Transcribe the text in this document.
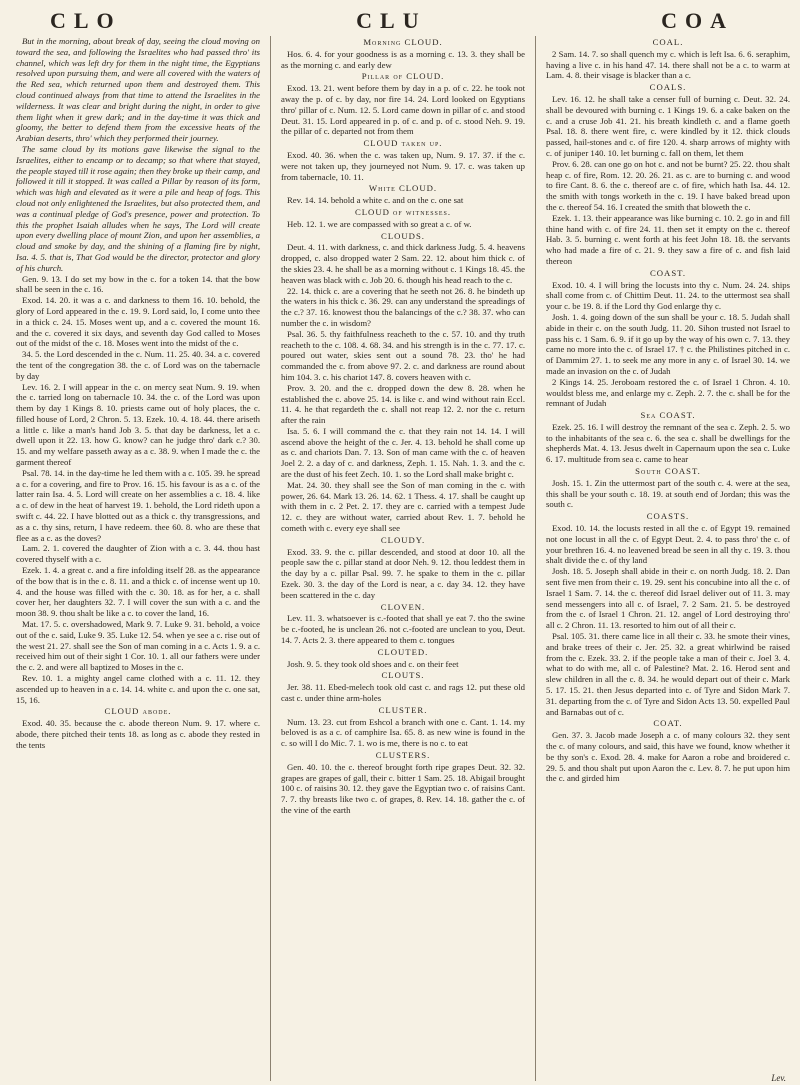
CLO	CLU	COA

But in the morning, about break of day, seeing the cloud moving on toward the sea, and following the Israelites who had passed thro' its channel, which was left dry for them in the night time, the Egyptians resolved upon pursuing them, and were all covered with the waters of the Red sea, which returned upon them and destroyed them. This cloud continued always from that time to attend the Israelites in the wilderness. It was clear and bright during the night, in order to give them light when it grew dark; and in the day-time it was thick and gloomy, the better to defend them from the excessive heats of the Arabian deserts, thro' which they performed their journey.

The same cloud by its motions gave likewise the signal to the Israelites, either to encamp or to decamp; so that where that stayed, the people stayed till it rose again; then they broke up their camp, and followed it till it stopped. It was called a Pillar by reason of its form, which was high and elevated as it were a pile and heap of fogs. This cloud not only enlightened the Israelites, but also protected them, and was a continual pledge of God's presence, power and protection. To this the prophet Isaiah alludes when he says, The Lord will create upon every dwelling place of mount Zion, and upon her assemblies, a cloud and smoke by day, and the shining of a flaming fire by night, Isa. 4. 5. that is, That God would be the director, protector and glory of his church.

Gen. 9. 13. I do set my bow in the c. for a token 14. that the bow shall be seen in the c. 16.

Exod. 14. 20. it was a c. and darkness to them 16. 10. behold, the glory of Lord appeared in the c. 19. 9. Lord said, lo, I come unto thee in a thick c. 24. 15. Moses went up, and a c. covered the mount 16. and the c. covered it six days, and seventh day God called to Moses out of the midst of the c. 18. Moses went into the midst of the c.

34. 5. the Lord descended in the c. Num. 11. 25. 40. 34. a c. covered the tent of the congregation 38. the c. of Lord was on the tabernacle by day

Lev. 16. 2. I will appear in the c. on mercy seat Num. 9. 19. when the c. tarried long on tabernacle 10. 34. the c. of the Lord was upon them by day 1 Kings 8. 10. priests came out of holy places, the c. filled house of Lord, 2 Chron. 5. 13. Ezek. 10. 4. 18. 44. there ariseth a little c. like a man's hand Job 3. 5. that day be darkness, let a c. dwell upon it 22. 13. how G. know? can he judge thro' dark c.? 30. 15. and my welfare passeth away as a c. 38. 9. when I made the c. the garment thereof

Psal. 78. 14. in the day-time he led them with a c. 105. 39. he spread a c. for a covering, and fire to Prov. 16. 15. his favour is as a c. of the latter rain Isa. 4. 5. Lord will create on her assemblies a c. 18. 4. like a c. of dew in the heat of harvest 19. 1. behold, the Lord rideth upon a swift c. 44. 22. I have blotted out as a thick c. thy transgressions, and as a c. thy sins, return, I have redeem. thee 60. 8. who are these that flee as a c. as the doves?

Lam. 2. 1. covered the daughter of Zion with a c. 3. 44. thou hast covered thyself with a c.

Ezek. 1. 4. a great c. and a fire infolding itself 28. as the appearance of the bow that is in the c. 8. 11. and a thick c. of incense went up 10. 4. and the house was filled with the c. 30. 18. as for her, a c. shall cover her, her daughters 32. 7. I will cover the sun with a c. and the moon 38. 9. thou shalt be like a c. to cover the land, 16.

Mat. 17. 5. c. overshadowed, Mark 9. 7. Luke 9. 31. behold, a voice out of the c. said, Luke 9. 35. Luke 12. 54. when ye see a c. rise out of the west 21. 27. shall see the Son of man coming in a c. Acts 1. 9. a c. received him out of their sight 1 Cor. 10. 1. all our fathers were under the c. 2. and were all baptized to Moses in the c.

Rev. 10. 1. a mighty angel came clothed with a c. 11. 12. they ascended up to heaven in a c. 14. 14. white c. and upon the c. one sat, 15, 16.

CLOUD abode.

Exod. 40. 35. because the c. abode thereon Num. 9. 17. where c. abode, there pitched their tents 18. as long as c. abode they rested in the tents

Morning CLOUD.

Hos. 6. 4. for your goodness is as a morning c. 13. 3. they shall be as the morning c. and early dew

Pillar of CLOUD.

Exod. 13. 21. went before them by day in a p. of c. 22. he took not away the p. of c. by day, nor fire 14. 24. Lord looked on Egyptians thro' pillar of c. Num. 12. 5. Lord came down in pillar of c. and stood Deut. 31. 15. Lord appeared in p. of c. and p. of c. stood Neh. 9. 19. the pillar of c. departed not from them

CLOUD taken up.

Exod. 40. 36. when the c. was taken up, Num. 9. 17. 37. if the c. were not taken up, they journeyed not Num. 9. 17. c. was taken up from tabernacle, 10. 11.

White CLOUD.

Rev. 14. 14. behold a white c. and on the c. one sat

CLOUD of witnesses.

Heb. 12. 1. we are compassed with so great a c. of w.

CLOUDS.

Deut. 4. 11. with darkness, c. and thick darkness Judg. 5. 4. heavens dropped, c. also dropped water 2 Sam. 22. 12. about him thick c. of the skies 23. 4. he shall be as a morning without c. 1 Kings 18. 45. the heaven was black with c. Job 20. 6. though his head reach to the c.

22. 14. thick c. are a covering that he seeth not 26. 8. he bindeth up the waters in his thick c. 36. 29. can any understand the spreadings of the c.? 37. 16. knowest thou the balancings of the c.? 38. 37. who can number the c. in wisdom?

Psal. 36. 5. thy faithfulness reacheth to the c. 57. 10. and thy truth reacheth to the c. 108. 4. 68. 34. and his strength is in the c. 77. 17. c. poured out water, skies sent out a sound 78. 23. tho' he had commanded the c. from above 97. 2. c. and darkness are round about him 104. 3. c. his chariot 147. 8. covers heaven with c.

Prov. 3. 20. and the c. dropped down the dew 8. 28. when he established the c. above 25. 14. is like c. and wind without rain Eccl. 11. 4. he that regardeth the c. shall not reap 12. 2. nor the c. return after the rain

Isa. 5. 6. I will command the c. that they rain not 14. 14. I will ascend above the height of the c. Jer. 4. 13. behold he shall come up as c. and chariots Dan. 7. 13. Son of man came with the c. of heaven Joel 2. 2. a day of c. and darkness, Zeph. 1. 15. Nah. 1. 3. and the c. are the dust of his feet Zech. 10. 1. so the Lord shall make bright c.

Mat. 24. 30. they shall see the Son of man coming in the c. with power, 26. 64. Mark 13. 26. 14. 62. 1 Thess. 4. 17. shall be caught up with them in c. 2 Pet. 2. 17. they are c. carried with a tempest Jude 12. c. they are without water, carried about Rev. 1. 7. behold he cometh with c. every eye shall see

CLOUDY.

Exod. 33. 9. the c. pillar descended, and stood at door 10. all the people saw the c. pillar stand at door Neh. 9. 12. thou leddest them in the day by a c. pillar Psal. 99. 7. he spake to them in the c. pillar Ezek. 30. 3. the day of the Lord is near, a c. day 34. 12. they have been scattered in the c. day

CLOVEN.

Lev. 11. 3. whatsoever is c.-footed that shall ye eat 7. tho the swine be c.-footed, he is unclean 26. not c.-footed are unclean to you, Deut. 14. 7. Acts 2. 3. there appeared to them c. tongues

CLOUTED.

Josh. 9. 5. they took old shoes and c. on their feet

CLOUTS.

Jer. 38. 11. Ebed-melech took old cast c. and rags 12. put these old cast c. under thine arm-holes

CLUSTER.

Num. 13. 23. cut from Eshcol a branch with one c. Cant. 1. 14. my beloved is as a c. of camphire Isa. 65. 8. as new wine is found in the c. so will I do Mic. 7. 1. wo is me, there is no c. to eat

CLUSTERS.

Gen. 40. 10. the c. thereof brought forth ripe grapes Deut. 32. 32. grapes are grapes of gall, their c. bitter 1 Sam. 25. 18. Abigail brought 100 c. of raisins 30. 12. they gave the Egyptian two c. of raisins Cant. 7. 7. thy breasts like two c. of grapes, 8. Rev. 14. 18. gather the c. of the vine of the earth

COAL.

2 Sam. 14. 7. so shall quench my c. which is left Isa. 6. 6. seraphim, having a live c. in his hand 47. 14. there shall not be a c. to warm at Lam. 4. 8. their visage is blacker than a c.

COALS.

Lev. 16. 12. he shall take a censer full of burning c. Deut. 32. 24. shall be devoured with burning c. 1 Kings 19. 6. a cake baken on the c. and a cruse Job 41. 21. his breath kindleth c. and a flame goeth Psal. 18. 8. there went fire, c. were kindled by it 12. thick clouds passed, hail-stones and c. of fire 120. 4. sharp arrows of mighty with c. of juniper 140. 10. let burning c. fall on them, let them

Prov. 6. 28. can one go on hot c. and not be burnt? 25. 22. thou shalt heap c. of fire, Rom. 12. 20. 26. 21. as c. are to burning c. and wood to fire Cant. 8. 6. the c. thereof are c. of fire, which hath Isa. 44. 12. the smith with tongs worketh in the c. 19. I have baked bread upon the c. thereof 54. 16. I created the smith that bloweth the c.

Ezek. 1. 13. their appearance was like burning c. 10. 2. go in and fill thine hand with c. of fire 24. 11. then set it empty on the c. thereof Hab. 3. 5. burning c. went forth at his feet John 18. 18. the servants who had made a fire of c. 21. 9. they saw a fire of c. and fish laid thereon

COAST.

Exod. 10. 4. I will bring the locusts into thy c. Num. 24. 24. ships shall come from c. of Chittim Deut. 11. 24. to the uttermost sea shall your c. be 19. 8. if the Lord thy God enlarge thy c.

Josh. 1. 4. going down of the sun shall be your c. 18. 5. Judah shall abide in their c. on the south Judg. 11. 20. Sihon trusted not Israel to pass his c. 1 Sam. 6. 9. if it go up by the way of his own c. 7. 13. they came no more into the c. of Israel 17. † c. the Philistines pitched in c. of Dammim 27. 1. to seek me any more in any c. of Israel 30. 14. we made an invasion on the c. of Judah

2 Kings 14. 25. Jeroboam restored the c. of Israel 1 Chron. 4. 10. wouldst bless me, and enlarge my c. Zeph. 2. 7. the c. shall be for the remnant of Judah

Sea COAST.

Ezek. 25. 16. I will destroy the remnant of the sea c. Zeph. 2. 5. wo to the inhabitants of the sea c. 6. the sea c. shall be dwellings for the shepherds Mat. 4. 13. Jesus dwelt in Capernaum upon the sea c. Luke 6. 17. multitude from sea c. came to hear

South COAST.

Josh. 15. 1. Zin the uttermost part of the south c. 4. were at the sea, this shall be your south c. 18. 19. at south end of Jordan; this was the south c.

COASTS.

Exod. 10. 14. the locusts rested in all the c. of Egypt 19. remained not one locust in all the c. of Egypt Deut. 2. 4. to pass thro' the c. of your brethren 16. 4. no leavened bread be seen in all thy c. 19. 3. thou shalt divide the c. of thy land

Josh. 18. 5. Joseph shall abide in their c. on north Judg. 18. 2. Dan sent five men from their c. 19. 29. sent his concubine into all the c. of Israel 1 Sam. 7. 14. the c. thereof did Israel deliver out of 11. 3. may send messengers into all c. of Israel, 7. 2 Sam. 21. 5. be destroyed from the c. of Israel 1 Chron. 21. 12. angel of Lord destroying thro' all c. 2 Chron. 11. 13. resorted to him out of all their c.

Psal. 105. 31. there came lice in all their c. 33. he smote their vines, and brake trees of their c. Jer. 25. 32. a great whirlwind be raised from the c. Ezek. 33. 2. if the people take a man of their c. Joel 3. 4. what to do with me, all c. of Palestine? Mat. 2. 16. Herod sent and slew children in all the c. 8. 34. he would depart out of their c. Mark 5. 17. 15. 21. then Jesus departed into c. of Tyre and Sidon Mark 7. 31. departing from the c. of Tyre and Sidon Acts 13. 50. expelled Paul and Barnabas out of c.

COAT.

Gen. 37. 3. Jacob made Joseph a c. of many colours 32. they sent the c. of many colours, and said, this have we found, know whether it be thy son's c. Exod. 28. 4. make for Aaron a robe and broidered c. 29. 5. and thou shalt put upon Aaron the c. Lev. 8. 7. he put upon him the c. and girded him

Lev.
